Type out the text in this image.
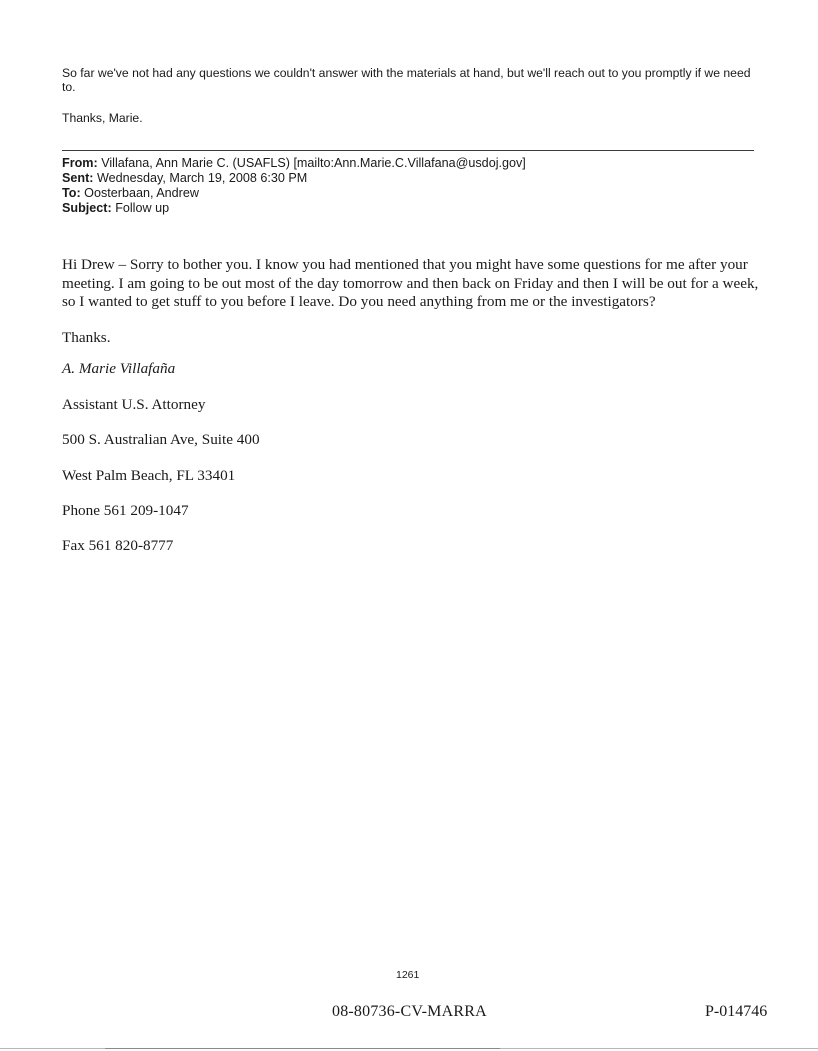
So far we've not had any questions we couldn't answer with the materials at hand, but we'll reach out to you promptly if we need to.

Thanks, Marie.

From: Villafana, Ann Marie C. (USAFLS) [mailto:Ann.Marie.C.Villafana@usdoj.gov]
Sent: Wednesday, March 19, 2008 6:30 PM
To: Oosterbaan, Andrew
Subject: Follow up

Hi Drew – Sorry to bother you. I know you had mentioned that you might have some questions for me after your meeting. I am going to be out most of the day tomorrow and then back on Friday and then I will be out for a week, so I wanted to get stuff to you before I leave. Do you need anything from me or the investigators?

Thanks.

A. Marie Villafaña
Assistant U.S. Attorney
500 S. Australian Ave, Suite 400
West Palm Beach, FL 33401
Phone 561 209-1047
Fax 561 820-8777
1261
08-80736-CV-MARRA	P-014746
